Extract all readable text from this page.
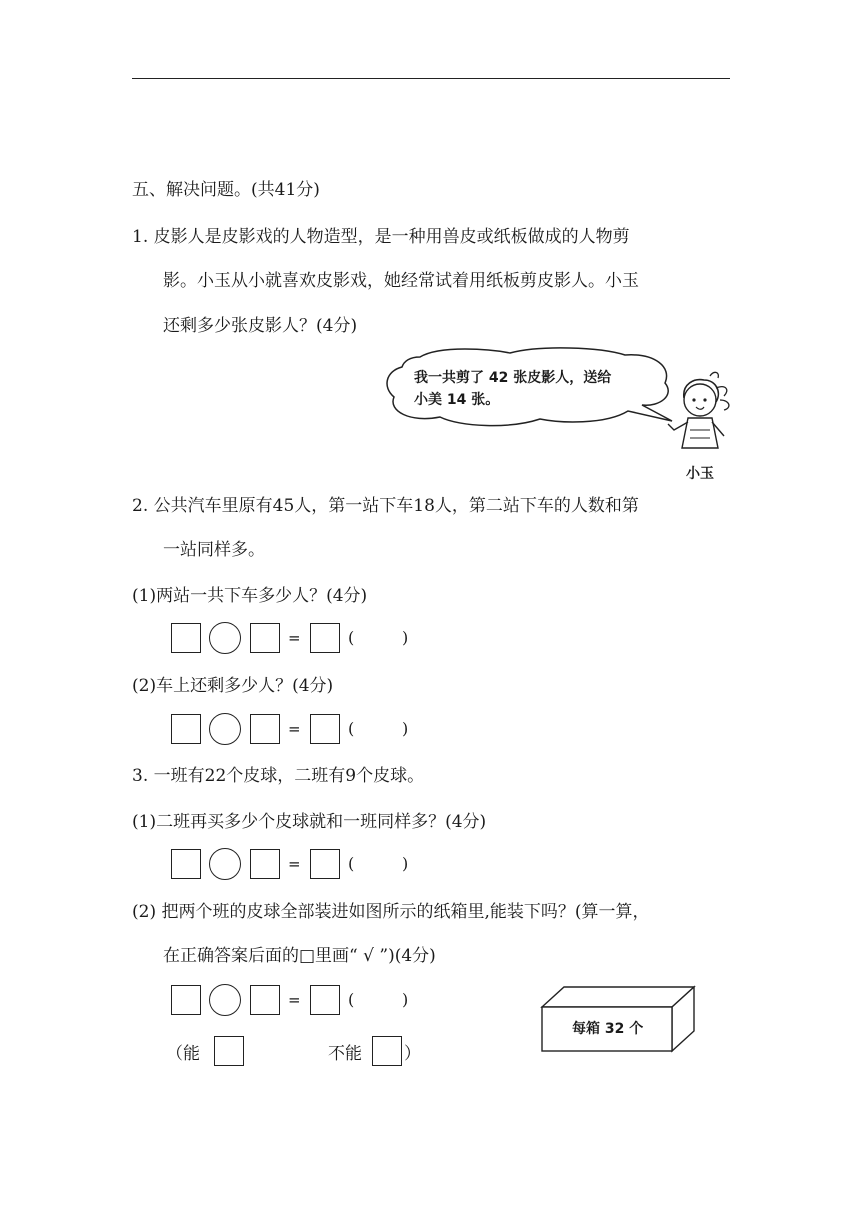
五、解决问题。(共41分)
1. 皮影人是皮影戏的人物造型，是一种用兽皮或纸板做成的人物剪
影。小玉从小就喜欢皮影戏，她经常试着用纸板剪皮影人。小玉
还剩多少张皮影人？(4分)
我一共剪了 42 张皮影人，送给
小美 14 张。
小玉
2. 公共汽车里原有45人，第一站下车18人，第二站下车的人数和第
一站同样多。
(1)两站一共下车多少人？(4分)
=	(	)
(2)车上还剩多少人？(4分)
=	(	)
3. 一班有22个皮球，二班有9个皮球。
(1)二班再买多少个皮球就和一班同样多？(4分)
=	(	)
(2) 把两个班的皮球全部装进如图所示的纸箱里,能装下吗？(算一算，
在正确答案后面的□里画“ √ ”)(4分)
=	(	)
（能	不能 ）
每箱 32 个
